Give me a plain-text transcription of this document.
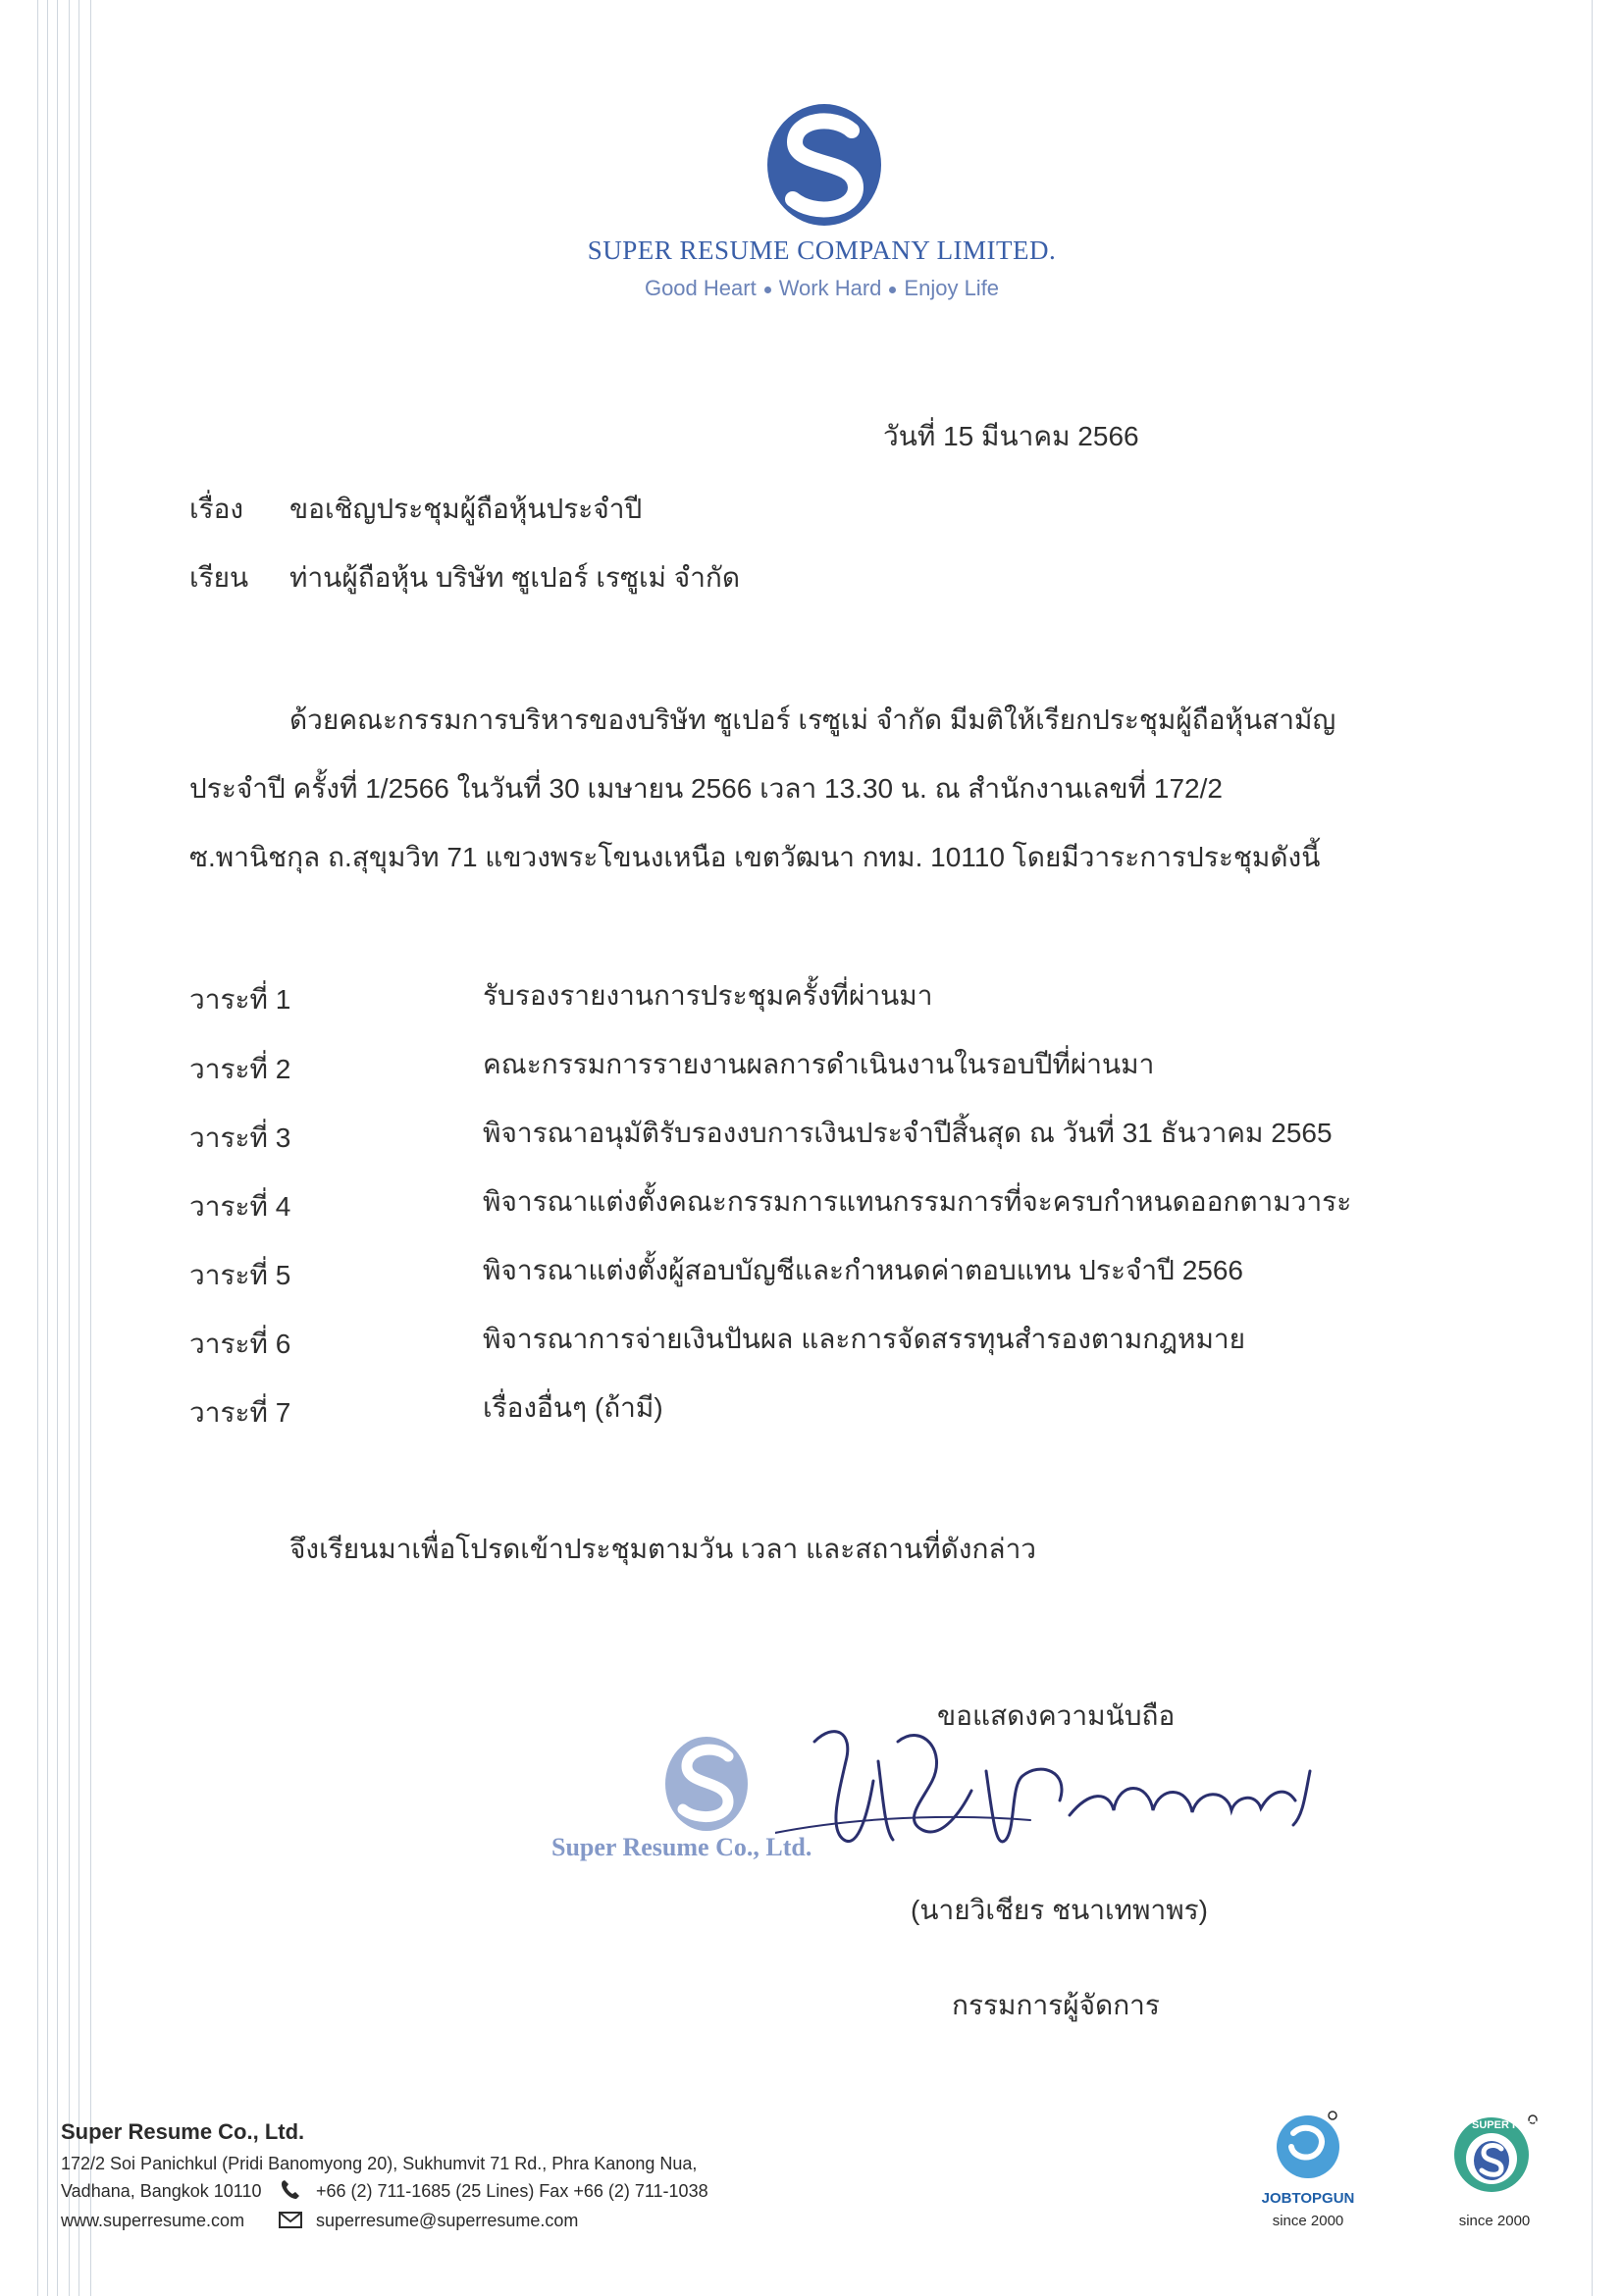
SUPER RESUME COMPANY LIMITED.
Good Heart Work Hard Enjoy Life
วันที่ 15 มีนาคม 2566
เรื่อง ขอเชิญประชุมผู้ถือหุ้นประจำปี
เรียน ท่านผู้ถือหุ้น บริษัท ซูเปอร์ เรซูเม่ จำกัด
ด้วยคณะกรรมการบริหารของบริษัท ซูเปอร์ เรซูเม่ จำกัด มีมติให้เรียกประชุมผู้ถือหุ้นสามัญ
ประจำปี ครั้งที่ 1/2566 ในวันที่ 30 เมษายน 2566 เวลา 13.30 น. ณ สำนักงานเลขที่ 172/2
ซ.พานิชกุล ถ.สุขุมวิท 71 แขวงพระโขนงเหนือ เขตวัฒนา กทม. 10110 โดยมีวาระการประชุมดังนี้
วาระที่ 1	รับรองรายงานการประชุมครั้งที่ผ่านมา
วาระที่ 2	คณะกรรมการรายงานผลการดำเนินงานในรอบปีที่ผ่านมา
วาระที่ 3	พิจารณาอนุมัติรับรองงบการเงินประจำปีสิ้นสุด ณ วันที่ 31 ธันวาคม 2565
วาระที่ 4	พิจารณาแต่งตั้งคณะกรรมการแทนกรรมการที่จะครบกำหนดออกตามวาระ
วาระที่ 5	พิจารณาแต่งตั้งผู้สอบบัญชีและกำหนดค่าตอบแทน ประจำปี 2566
วาระที่ 6	พิจารณาการจ่ายเงินปันผล และการจัดสรรทุนสำรองตามกฎหมาย
วาระที่ 7	เรื่องอื่นๆ (ถ้ามี)
จึงเรียนมาเพื่อโปรดเข้าประชุมตามวัน เวลา และสถานที่ดังกล่าว
ขอแสดงความนับถือ
Super Resume Co., Ltd.
(นายวิเชียร ชนาเทพาพร)
กรรมการผู้จัดการ
Super Resume Co., Ltd.
172/2 Soi Panichkul (Pridi Banomyong 20), Sukhumvit 71 Rd., Phra Kanong Nua,
Vadhana, Bangkok 10110	+66 (2) 711-1685 (25 Lines) Fax +66 (2) 711-1038
www.superresume.com	superresume@superresume.com
JOBTOPGUN
since 2000
SUPER RESUME
since 2000
